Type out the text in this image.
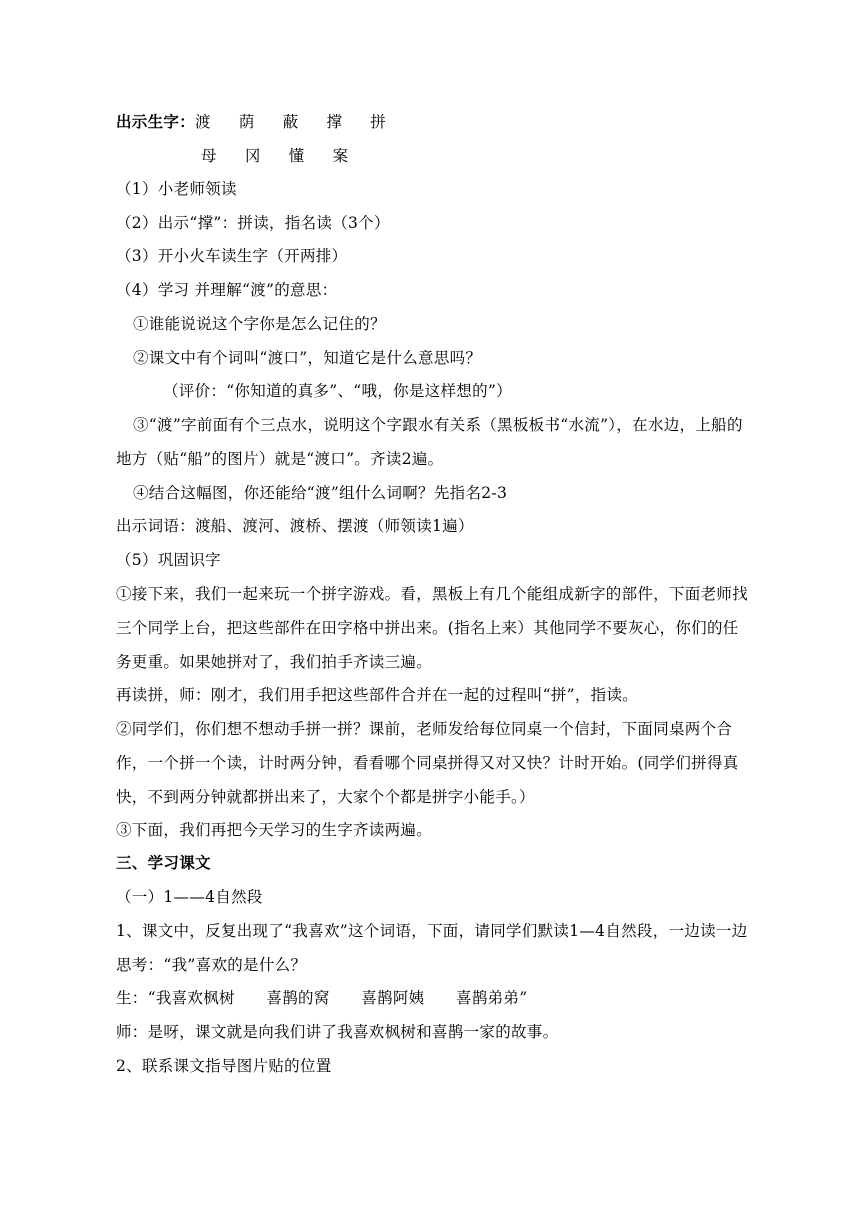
出示生字：渡 荫 蔽 撑 拼
母 冈 懂 案
（1）小老师领读
（2）出示“撑”：拼读，指名读（3个）
（3）开小火车读生字（开两排）
（4）学习 并理解“渡”的意思：
①谁能说说这个字你是怎么记住的？
②课文中有个词叫“渡口”，知道它是什么意思吗？
（评价：“你知道的真多”、“哦，你是这样想的”）
③“渡”字前面有个三点水，说明这个字跟水有关系（黑板板书“水流”），在水边，上船的地方（贴“船”的图片）就是“渡口”。齐读2遍。
④结合这幅图，你还能给“渡”组什么词啊？先指名2-3
出示词语：渡船、渡河、渡桥、摆渡（师领读1遍）
（5）巩固识字
①接下来，我们一起来玩一个拼字游戏。看，黑板上有几个能组成新字的部件，下面老师找三个同学上台，把这些部件在田字格中拼出来。(指名上来）其他同学不要灰心，你们的任务更重。如果她拼对了，我们拍手齐读三遍。
再读拼，师：刚才，我们用手把这些部件合并在一起的过程叫“拼”，指读。
②同学们，你们想不想动手拼一拼？课前，老师发给每位同桌一个信封，下面同桌两个合作，一个拼一个读，计时两分钟，看看哪个同桌拼得又对又快？计时开始。(同学们拼得真快，不到两分钟就都拼出来了，大家个个都是拼字小能手。）
③下面，我们再把今天学习的生字齐读两遍。
三、学习课文
（一）1——4自然段
1、课文中，反复出现了“我喜欢”这个词语，下面，请同学们默读1—4自然段，一边读一边思考：“我”喜欢的是什么？
生：“我喜欢枫树　　喜鹊的窝　　喜鹊阿姨　　喜鹊弟弟”
师：是呀，课文就是向我们讲了我喜欢枫树和喜鹊一家的故事。
2、联系课文指导图片贴的位置
